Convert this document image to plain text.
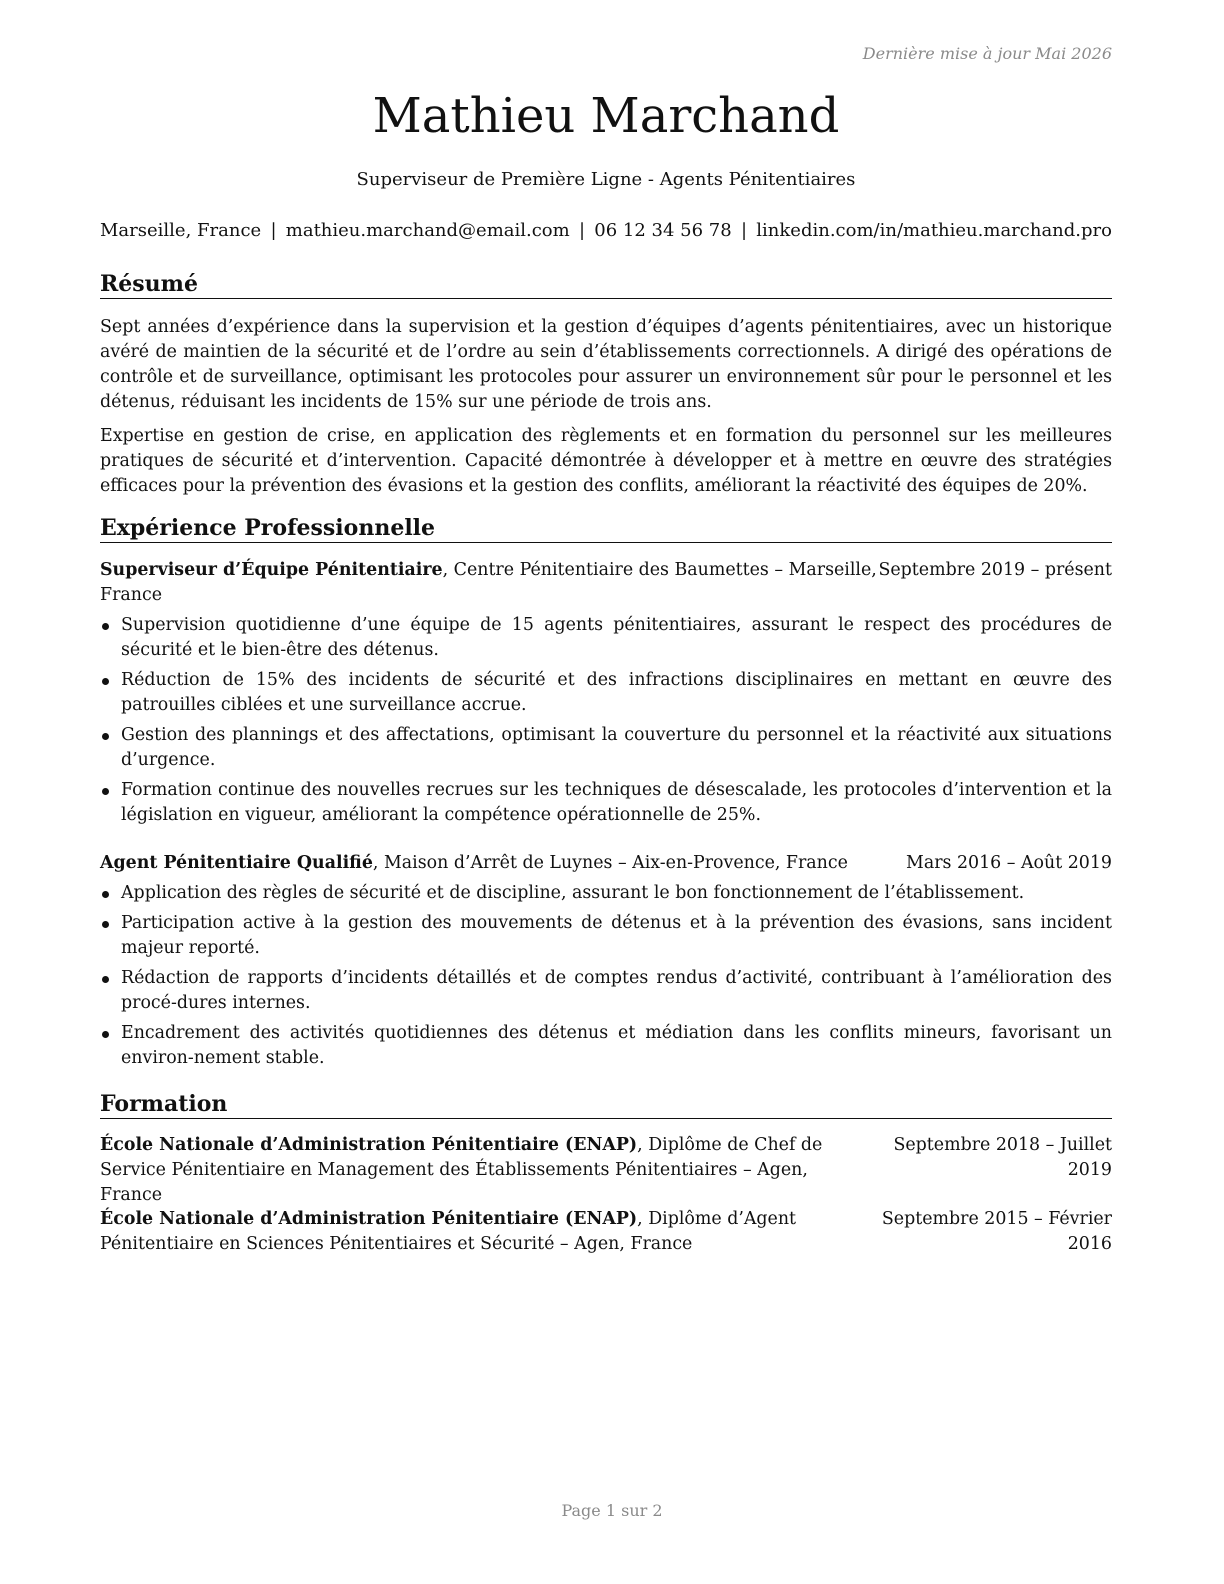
Dernière mise à jour Mai 2026
Mathieu Marchand
Superviseur de Première Ligne - Agents Pénitentiaires
Marseille, France | mathieu.marchand@email.com | 06 12 34 56 78 | linkedin.com/in/mathieu.marchand.pro
Résumé

Sept années d’expérience dans la supervision et la gestion d’équipes d’agents pénitentiaires, avec un historique avéré de maintien de la sécurité et de l’ordre au sein d’établissements correctionnels. A dirigé des opérations de contrôle et de surveillance, optimisant les protocoles pour assurer un environnement sûr pour le personnel et les détenus, réduisant les incidents de 15% sur une période de trois ans.

Expertise en gestion de crise, en application des règlements et en formation du personnel sur les meilleures pratiques de sécurité et d’intervention. Capacité démontrée à développer et à mettre en œuvre des stratégies efficaces pour la prévention des évasions et la gestion des conflits, améliorant la réactivité des équipes de 20%.

Expérience Professionnelle
Superviseur d’Équipe Pénitentiaire, Centre Pénitentiaire des Baumettes – Marseille, Septembre 2019 – présent
France
Supervision quotidienne d’une équipe de 15 agents pénitentiaires, assurant le respect des procédures de sécurité et le bien-être des détenus.
Réduction de 15% des incidents de sécurité et des infractions disciplinaires en mettant en œuvre des patrouilles ciblées et une surveillance accrue.
Gestion des plannings et des affectations, optimisant la couverture du personnel et la réactivité aux situations d’urgence.
Formation continue des nouvelles recrues sur les techniques de désescalade, les protocoles d’intervention et la législation en vigueur, améliorant la compétence opérationnelle de 25%.
Agent Pénitentiaire Qualifié, Maison d’Arrêt de Luynes – Aix-en-Provence, France	Mars 2016 – Août 2019
Application des règles de sécurité et de discipline, assurant le bon fonctionnement de l’établissement.
Participation active à la gestion des mouvements de détenus et à la prévention des évasions, sans incident majeur reporté.
Rédaction de rapports d’incidents détaillés et de comptes rendus d’activité, contribuant à l’amélioration des procé-dures internes.
Encadrement des activités quotidiennes des détenus et médiation dans les conflits mineurs, favorisant un environ-nement stable.
Formation
École Nationale d’Administration Pénitentiaire (ENAP), Diplôme de Chef de Service Pénitentiaire en Management des Établissements Pénitentiaires – Agen, France
Septembre 2018 – Juillet
2019
École Nationale d’Administration Pénitentiaire (ENAP), Diplôme d’Agent Pénitentiaire en Sciences Pénitentiaires et Sécurité – Agen, France
Septembre 2015 – Février
2016
Page 1 sur 2
